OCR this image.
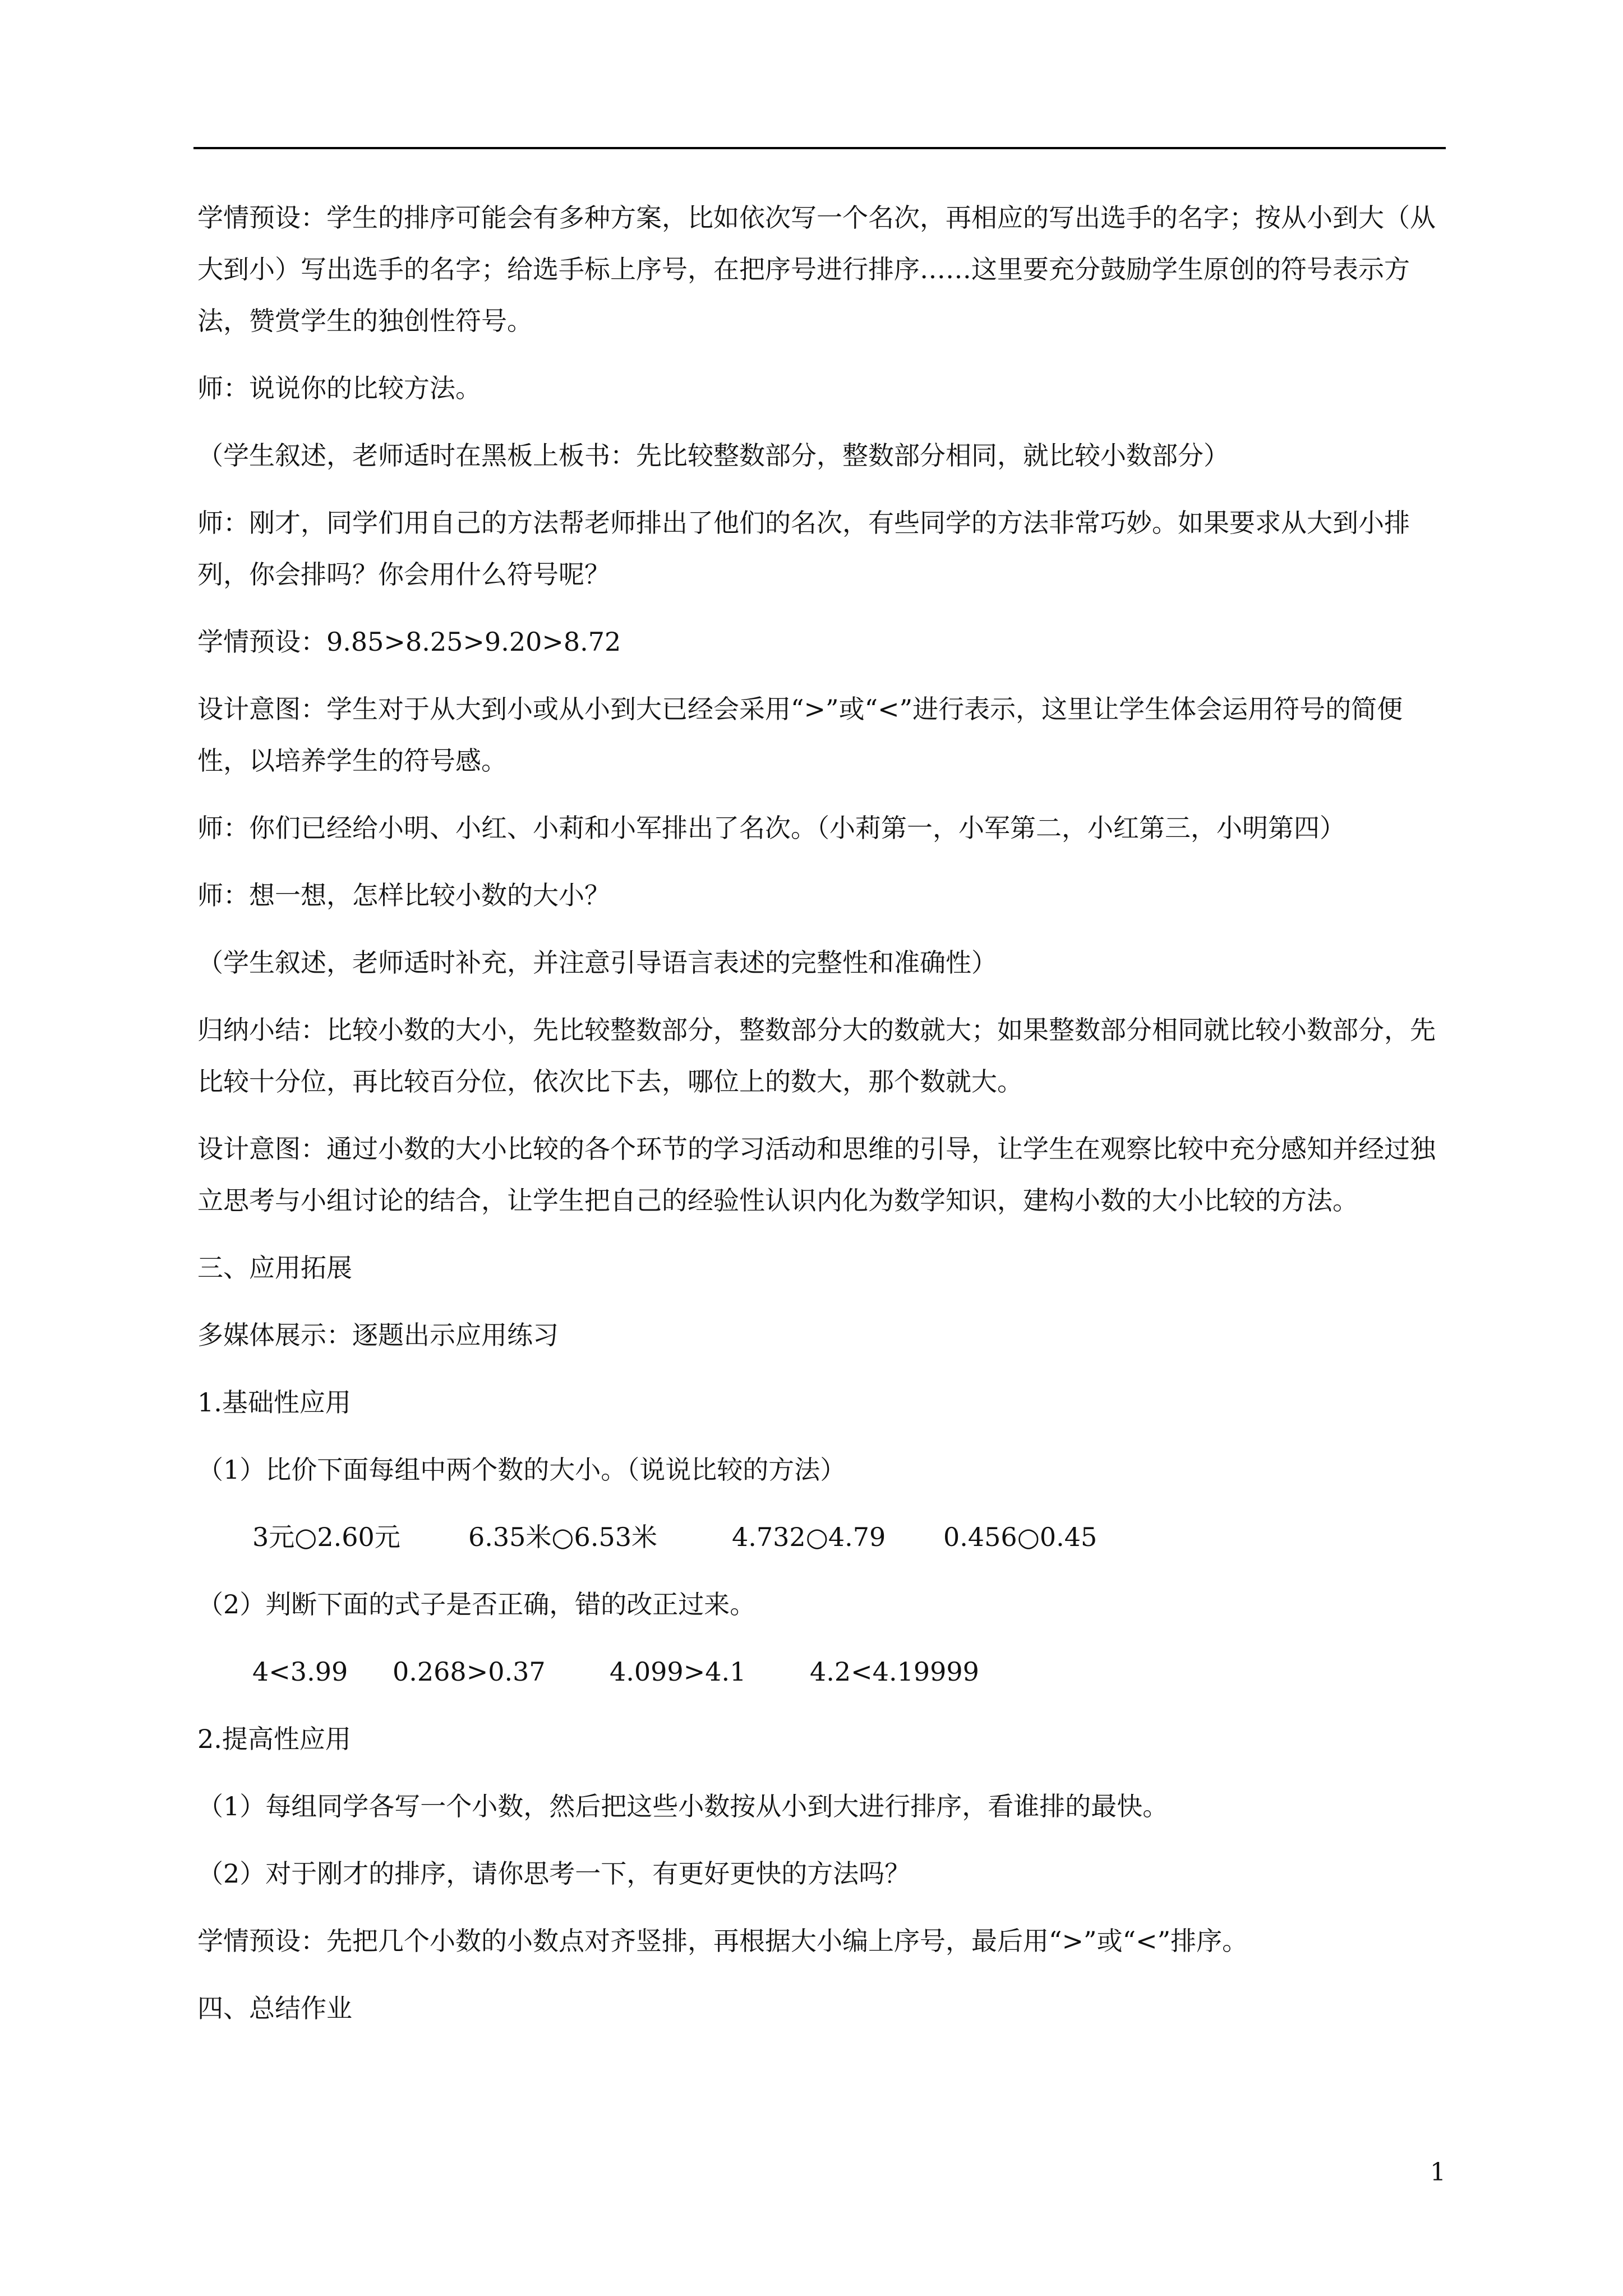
学情预设：学生的排序可能会有多种方案，比如依次写一个名次，再相应的写出选手的名字；按从小到大（从大到小）写出选手的名字；给选手标上序号，在把序号进行排序……这里要充分鼓励学生原创的符号表示方法，赞赏学生的独创性符号。

师：说说你的比较方法。

（学生叙述，老师适时在黑板上板书：先比较整数部分，整数部分相同，就比较小数部分）

师：刚才，同学们用自己的方法帮老师排出了他们的名次，有些同学的方法非常巧妙。如果要求从大到小排列，你会排吗？你会用什么符号呢？

学情预设：9.85>8.25>9.20>8.72

设计意图：学生对于从大到小或从小到大已经会采用“>”或“<”进行表示，这里让学生体会运用符号的简便性，以培养学生的符号感。

师：你们已经给小明、小红、小莉和小军排出了名次。（小莉第一，小军第二，小红第三，小明第四）

师：想一想，怎样比较小数的大小？

（学生叙述，老师适时补充，并注意引导语言表述的完整性和准确性）

归纳小结：比较小数的大小，先比较整数部分，整数部分大的数就大；如果整数部分相同就比较小数部分，先比较十分位，再比较百分位，依次比下去，哪位上的数大，那个数就大。

设计意图：通过小数的大小比较的各个环节的学习活动和思维的引导，让学生在观察比较中充分感知并经过独立思考与小组讨论的结合，让学生把自己的经验性认识内化为数学知识，建构小数的大小比较的方法。

三、应用拓展

多媒体展示：逐题出示应用练习

1.基础性应用

（1）比价下面每组中两个数的大小。（说说比较的方法）

3元○2.60元	6.35米○6.53米	4.732○4.79	0.456○0.45

（2）判断下面的式子是否正确，错的改正过来。

4<3.99	0.268>0.37	4.099>4.1	4.2<4.19999

2.提高性应用

（1）每组同学各写一个小数，然后把这些小数按从小到大进行排序，看谁排的最快。

（2）对于刚才的排序，请你思考一下，有更好更快的方法吗？

学情预设：先把几个小数的小数点对齐竖排，再根据大小编上序号，最后用“>”或“<”排序。

四、总结作业

1
